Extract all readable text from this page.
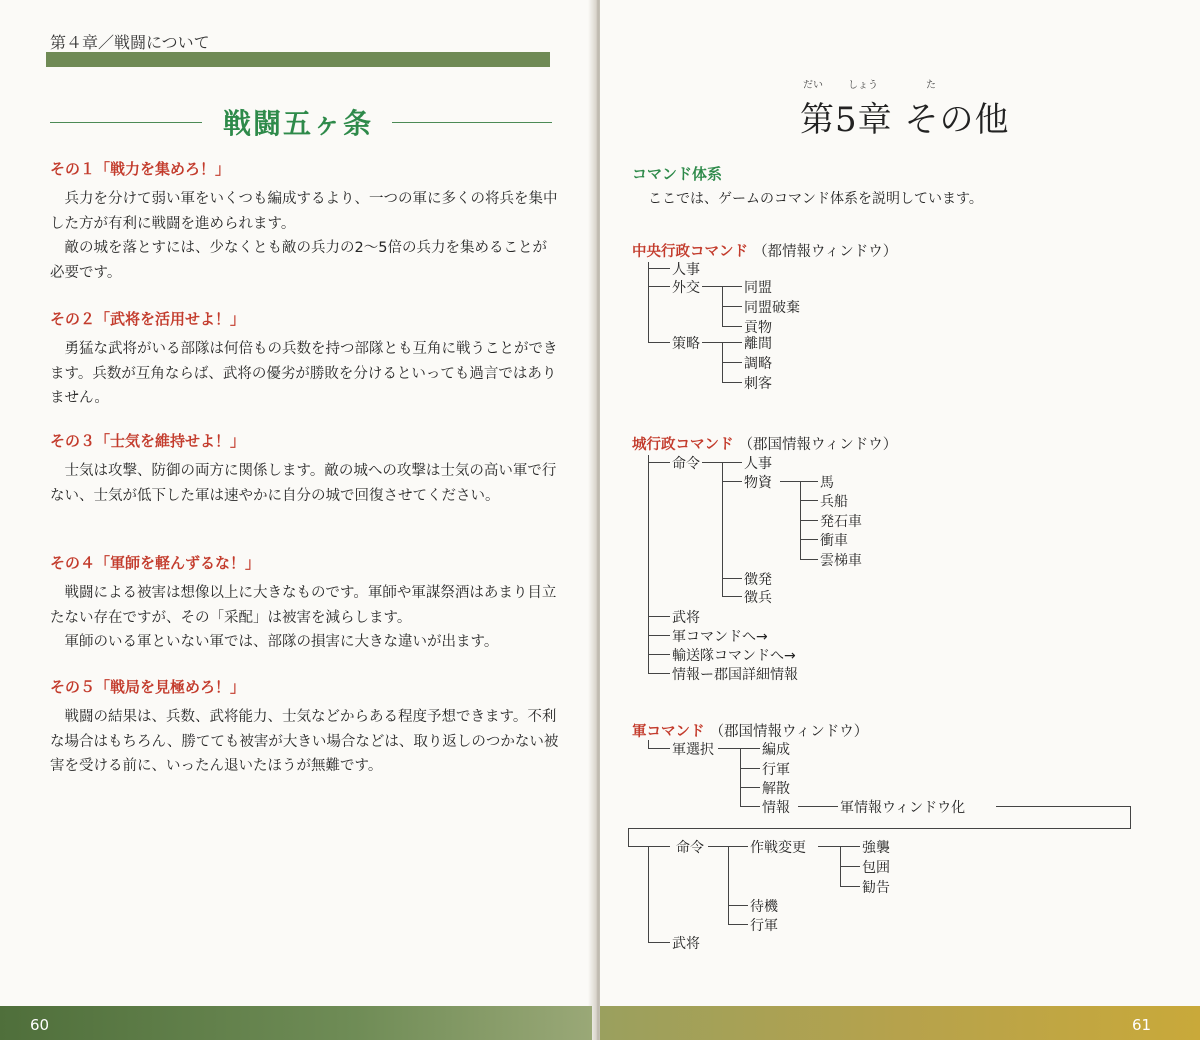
第４章／戦闘について
戦闘五ヶ条
その１「戦力を集めろ！」

兵力を分けて弱い軍をいくつも編成するより、一つの軍に多くの将兵を集中した方が有利に戦闘を進められます。

敵の城を落とすには、少なくとも敵の兵力の2～5倍の兵力を集めることが必要です。

その２「武将を活用せよ！」

勇猛な武将がいる部隊は何倍もの兵数を持つ部隊とも互角に戦うことができます。兵数が互角ならば、武将の優劣が勝敗を分けるといっても過言ではありません。

その３「士気を維持せよ！」

士気は攻撃、防御の両方に関係します。敵の城への攻撃は士気の高い軍で行ない、士気が低下した軍は速やかに自分の城で回復させてください。

その４「軍師を軽んずるな！」

戦闘による被害は想像以上に大きなものです。軍師や軍謀祭酒はあまり目立たない存在ですが、その「采配」は被害を減らします。

軍師のいる軍といない軍では、部隊の損害に大きな違いが出ます。

その５「戦局を見極めろ！」

戦闘の結果は、兵数、武将能力、士気などからある程度予想できます。不利な場合はもちろん、勝てても被害が大きい場合などは、取り返しのつかない被害を受ける前に、いったん退いたほうが無難です。

だい	しょう	た
第5章 その他
コマンド体系
ここでは、ゲームのコマンド体系を説明しています。
中央行政コマンド （都情報ウィンドウ）
人事
外交	同盟
同盟破棄
貢物
策略	離間
調略
刺客
城行政コマンド （郡国情報ウィンドウ）
命令	人事
物資	馬
兵船
発石車
衝車
雲梯車
徴発
徴兵
武将
軍コマンドへ→
輸送隊コマンドへ→
情報ー郡国詳細情報
軍コマンド （郡国情報ウィンドウ）
軍選択	編成
行軍
解散
情報	軍情報ウィンドウ化
命令	作戦変更	強襲
包囲
勧告
待機
行軍
武将
60	61
